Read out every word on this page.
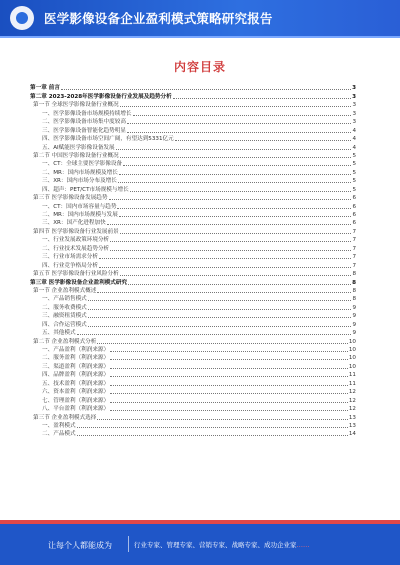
医学影像设备企业盈利模式策略研究报告
内容目录
第一章 前言	3
第二章 2023-2028年医学影像设备行业发展及趋势分析	3
第一节 全球医学影像设备行业概况	3
一、医学影像设备市场规模持续增长	3
二、医学影像设备市场集中度较高	3
三、医学影像设备智能化趋势明显	4
四、医学影像设备市场空间广阔，有望达到5331亿元	4
五、AI赋能医学影像设备发展	4
第二节 中国医学影像设备行业概况	5
一、CT：全球主要医学影像设备	5
二、MR：国内市场规模及增长	5
三、XR：国内市场分布及增长	5
四、超声：PET/CT市场规模与增长	5
第三节 医学影像设备发展趋势	6
一、CT：国内市场容量与趋势	6
二、MR：国内市场规模与发展	6
三、XR：国产化进程加快	6
第四节 医学影像设备行业发展前景	7
一、行业发展政策环境分析	7
二、行业技术发展趋势分析	7
三、行业市场需求分析	7
四、行业竞争格局分析	7
第五节 医学影像设备行业风险分析	8
第三章 医学影像设备企业盈利模式研究	8
第一节 企业盈利模式概述	8
一、产品销售模式	8
二、服务收费模式	9
三、融资租赁模式	9
四、合作运营模式	9
五、其他模式	9
第二节 企业盈利模式分析	10
一、产品盈利（利润来源）	10
二、服务盈利（利润来源）	10
三、渠道盈利（利润来源）	10
四、品牌盈利（利润来源）	11
五、技术盈利（利润来源）	11
六、资本盈利（利润来源）	12
七、管理盈利（利润来源）	12
八、平台盈利（利润来源）	12
第三节 企业盈利模式选择	13
一、盈利模式	13
二、产品模式	14
让每个人都能成为	行业专家、管理专家、营销专家、战略专家、成功企业家……
